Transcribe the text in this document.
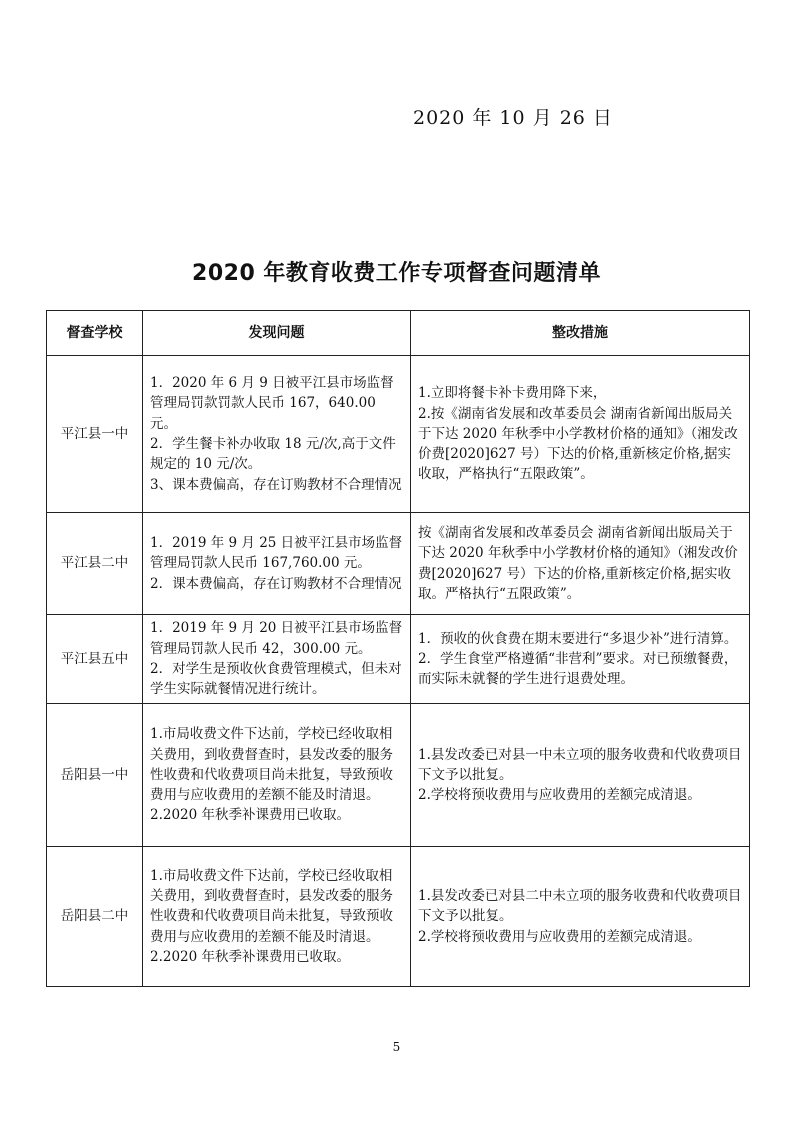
2020 年 10 月 26 日
2020 年教育收费工作专项督查问题清单
督查学校	发现问题	整改措施
平江县一中	1．2020 年 6 月 9 日被平江县市场监督管理局罚款罚款人民币 167，640.00 元。
2．学生餐卡补办收取 18 元/次,高于文件规定的 10 元/次。
3、课本费偏高，存在订购教材不合理情况	1.立即将餐卡补卡费用降下来，
2.按《湖南省发展和改革委员会 湖南省新闻出版局关于下达 2020 年秋季中小学教材价格的通知》（湘发改价费[2020]627 号）下达的价格,重新核定价格,据实收取，严格执行“五限政策”。

平江县二中	1．2019 年 9 月 25 日被平江县市场监督管理局罚款人民币 167,760.00 元。
2．课本费偏高，存在订购教材不合理情况	按《湖南省发展和改革委员会 湖南省新闻出版局关于下达 2020 年秋季中小学教材价格的通知》（湘发改价费[2020]627 号）下达的价格,重新核定价格,据实收取。严格执行“五限政策”。

平江县五中	1．2019 年 9 月 20 日被平江县市场监督管理局罚款人民币 42，300.00 元。
2．对学生是预收伙食费管理模式，但未对学生实际就餐情况进行统计。	1．预收的伙食费在期末要进行“多退少补”进行清算。
2．学生食堂严格遵循“非营利”要求。对已预缴餐费，而实际未就餐的学生进行退费处理。

岳阳县一中	1.市局收费文件下达前，学校已经收取相关费用，到收费督查时，县发改委的服务性收费和代收费项目尚未批复，导致预收费用与应收费用的差额不能及时清退。
2.2020 年秋季补课费用已收取。	1.县发改委已对县一中未立项的服务收费和代收费项目下文予以批复。
2.学校将预收费用与应收费用的差额完成清退。

岳阳县二中	1.市局收费文件下达前，学校已经收取相关费用，到收费督查时，县发改委的服务性收费和代收费项目尚未批复，导致预收费用与应收费用的差额不能及时清退。
2.2020 年秋季补课费用已收取。	1.县发改委已对县二中未立项的服务收费和代收费项目下文予以批复。
2.学校将预收费用与应收费用的差额完成清退。
5
